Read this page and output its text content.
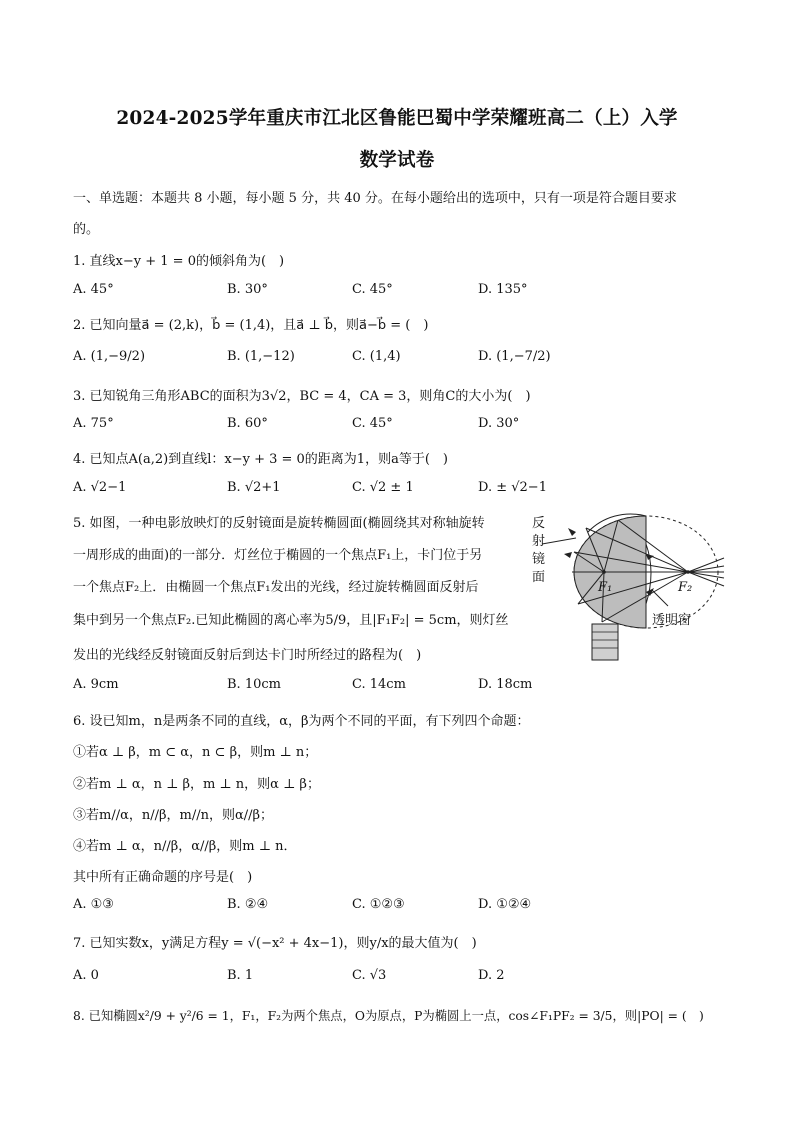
2024-2025学年重庆市江北区鲁能巴蜀中学荣耀班高二（上）入学
数学试卷
一、单选题：本题共 8 小题，每小题 5 分，共 40 分。在每小题给出的选项中，只有一项是符合题目要求
的。
1. 直线x−y + 1 = 0的倾斜角为(　)
A. 45°	B. 30°	C. 45°	D. 135°
2. 已知向量a⃗ = (2,k)，b⃗ = (1,4)，且a⃗ ⊥ b⃗，则a⃗−b⃗ = (　)
A. (1,−9/2)	B. (1,−12)	C. (1,4)	D. (1,−7/2)
3. 已知锐角三角形ABC的面积为3√2，BC = 4，CA = 3，则角C的大小为(　)
A. 75°	B. 60°	C. 45°	D. 30°
4. 已知点A(a,2)到直线l：x−y + 3 = 0的距离为1，则a等于(　)
A. √2−1	B. √2+1	C. √2 ± 1	D. ± √2−1
5. 如图，一种电影放映灯的反射镜面是旋转椭圆面(椭圆绕其对称轴旋转
一周形成的曲面)的一部分．灯丝位于椭圆的一个焦点F₁上，卡门位于另
一个焦点F₂上．由椭圆一个焦点F₁发出的光线，经过旋转椭圆面反射后
集中到另一个焦点F₂.已知此椭圆的离心率为5/9，且|F₁F₂| = 5cm，则灯丝
发出的光线经反射镜面反射后到达卡门时所经过的路程为(　)
A. 9cm	B. 10cm	C. 14cm	D. 18cm
反
射
镜
面
F₁	F₂
透明窗
6. 设已知m，n是两条不同的直线，α，β为两个不同的平面，有下列四个命题：
①若α ⊥ β，m ⊂ α，n ⊂ β，则m ⊥ n；
②若m ⊥ α，n ⊥ β，m ⊥ n，则α ⊥ β；
③若m//α，n//β，m//n，则α//β；
④若m ⊥ α，n//β，α//β，则m ⊥ n．
其中所有正确命题的序号是(　)
A. ①③	B. ②④	C. ①②③	D. ①②④
7. 已知实数x，y满足方程y = √(−x² + 4x−1)，则y/x的最大值为(　)
A. 0	B. 1	C. √3	D. 2
8. 已知椭圆x²/9 + y²/6 = 1，F₁，F₂为两个焦点，O为原点，P为椭圆上一点，cos∠F₁PF₂ = 3/5，则|PO| = (　)
